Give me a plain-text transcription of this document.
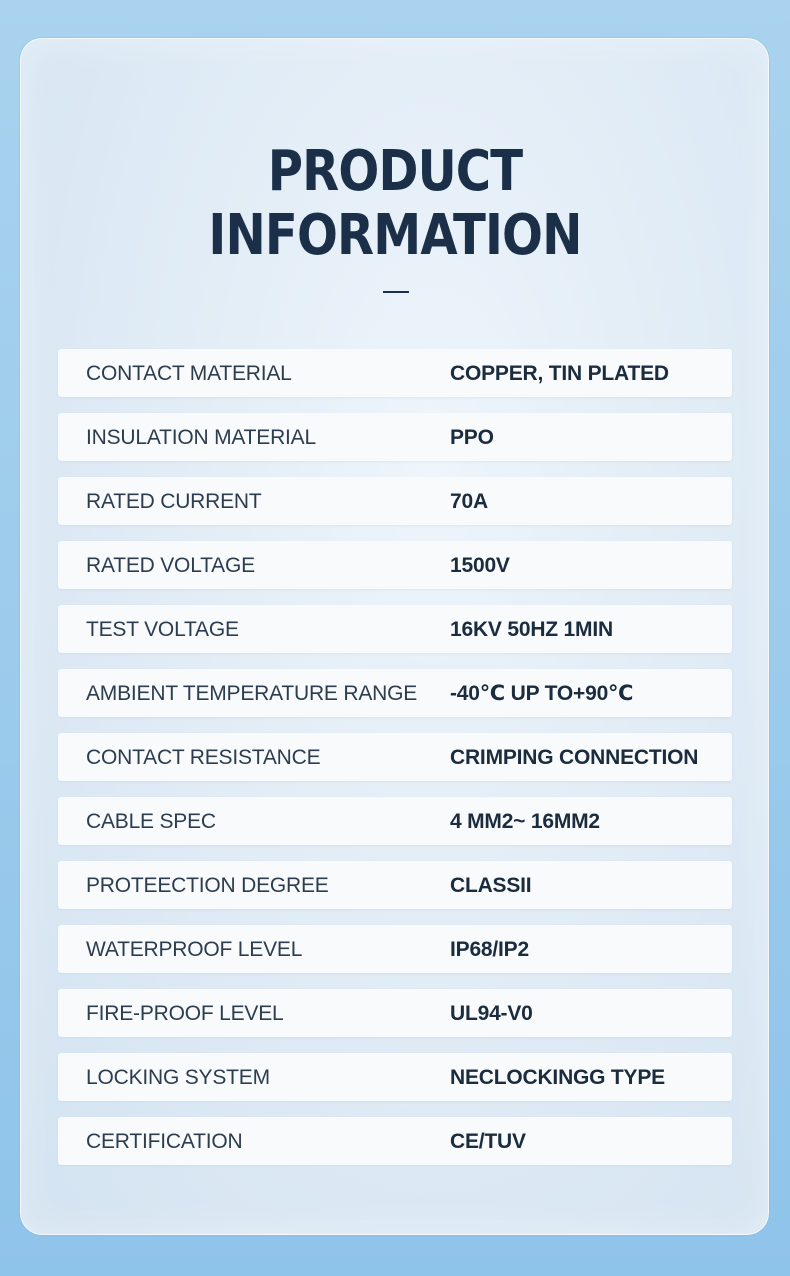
PRODUCT
INFORMATION
CONTACT MATERIAL	COPPER, TIN PLATED
INSULATION MATERIAL	PPO
RATED CURRENT	70A
RATED VOLTAGE	1500V
TEST VOLTAGE	16KV 50HZ 1MIN
AMBIENT TEMPERATURE RANGE -40℃ UP TO+90℃
CONTACT RESISTANCE	CRIMPING CONNECTION
CABLE SPEC	4 MM2~ 16MM2
PROTEECTION DEGREE	CLASSII
WATERPROOF LEVEL	IP68/IP2
FIRE-PROOF LEVEL	UL94-V0
LOCKING SYSTEM	NECLOCKINGG TYPE
CERTIFICATION	CE/TUV
